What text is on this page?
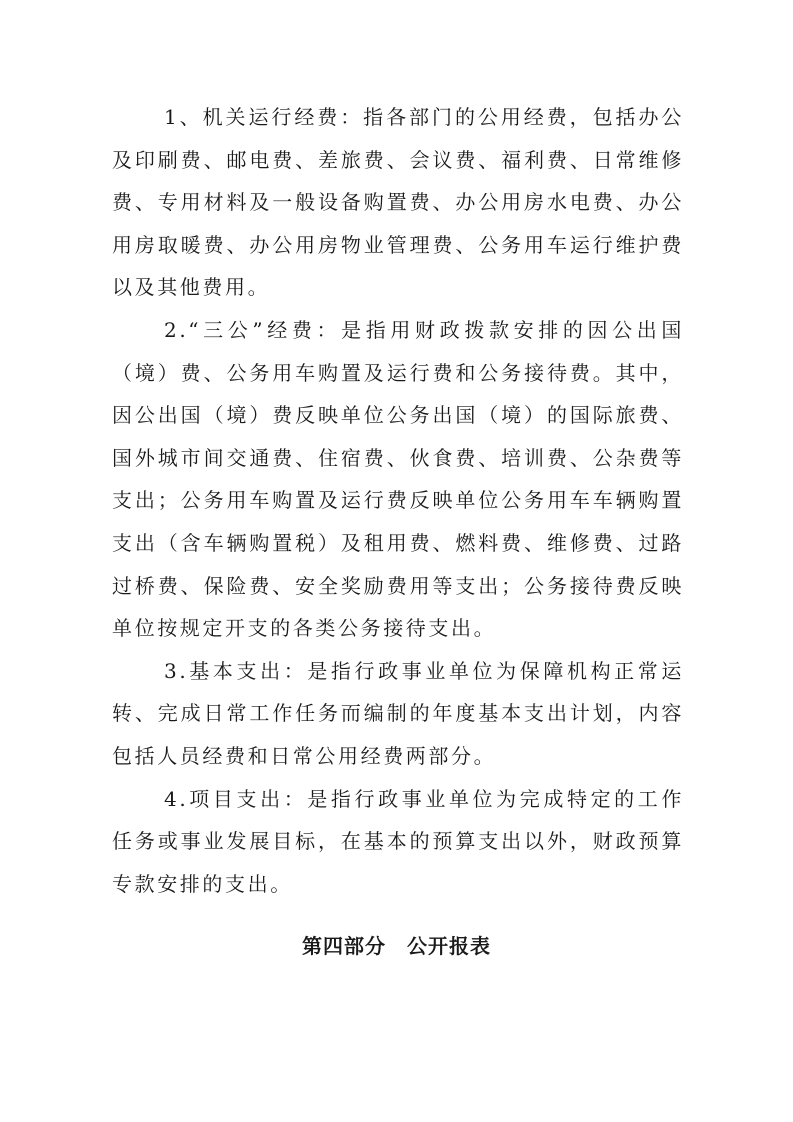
1、机关运行经费：指各部门的公用经费，包括办公及印刷费、邮电费、差旅费、会议费、福利费、日常维修费、专用材料及一般设备购置费、办公用房水电费、办公用房取暖费、办公用房物业管理费、公务用车运行维护费以及其他费用。

2.“三公”经费：是指用财政拨款安排的因公出国（境）费、公务用车购置及运行费和公务接待费。其中，因公出国（境）费反映单位公务出国（境）的国际旅费、国外城市间交通费、住宿费、伙食费、培训费、公杂费等支出；公务用车购置及运行费反映单位公务用车车辆购置支出（含车辆购置税）及租用费、燃料费、维修费、过路过桥费、保险费、安全奖励费用等支出；公务接待费反映单位按规定开支的各类公务接待支出。

3.基本支出：是指行政事业单位为保障机构正常运转、完成日常工作任务而编制的年度基本支出计划，内容包括人员经费和日常公用经费两部分。

4.项目支出：是指行政事业单位为完成特定的工作任务或事业发展目标，在基本的预算支出以外，财政预算专款安排的支出。

第四部分　公开报表
